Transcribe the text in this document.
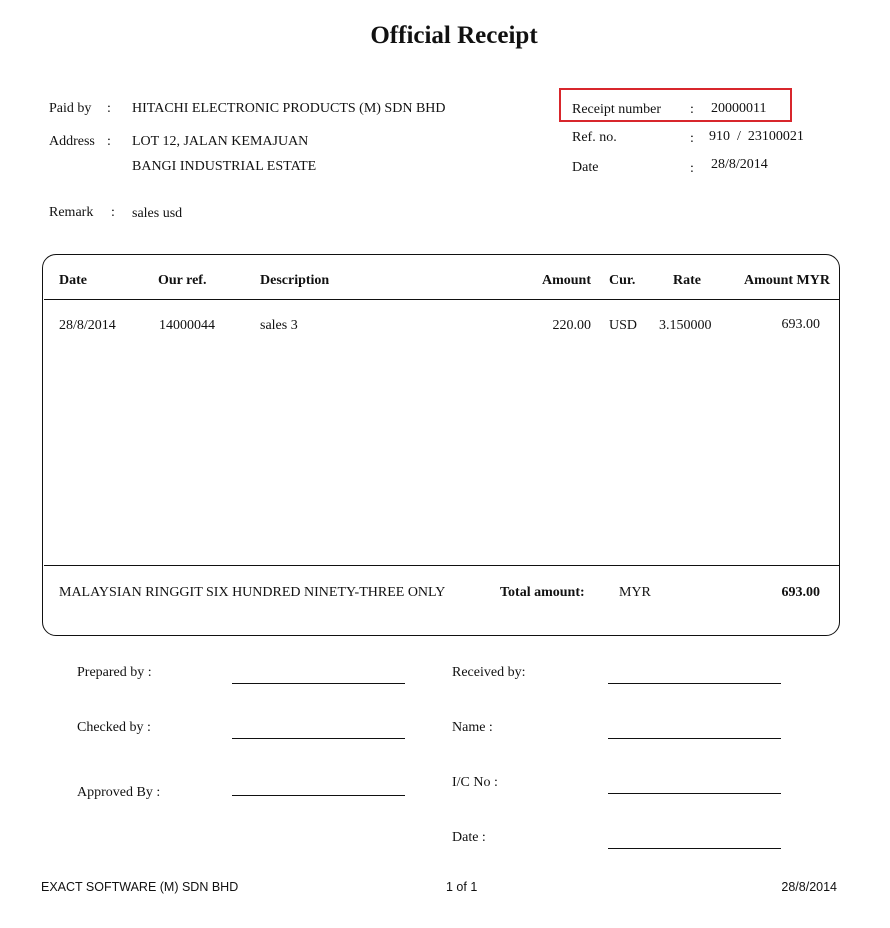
Official Receipt
Paid by : HITACHI ELECTRONIC PRODUCTS (M) SDN BHD
Address : LOT 12, JALAN KEMAJUAN
BANGI INDUSTRIAL ESTATE
Remark : sales usd
Receipt number : 20000011
Ref. no.	: 910  /  23100021
Date	: 28/8/2014
Date	Our ref.	Description	Amount Cur.	Rate	Amount MYR
28/8/2014	14000044	sales 3	220.00 USD 3.150000	693.00
MALAYSIAN RINGGIT SIX HUNDRED NINETY-THREE ONLY	Total amount: MYR	693.00
Prepared by :
Checked by :
Approved By :
Received by:
Name :
I/C No :
Date :
EXACT SOFTWARE (M) SDN BHD	1 of 1	28/8/2014
